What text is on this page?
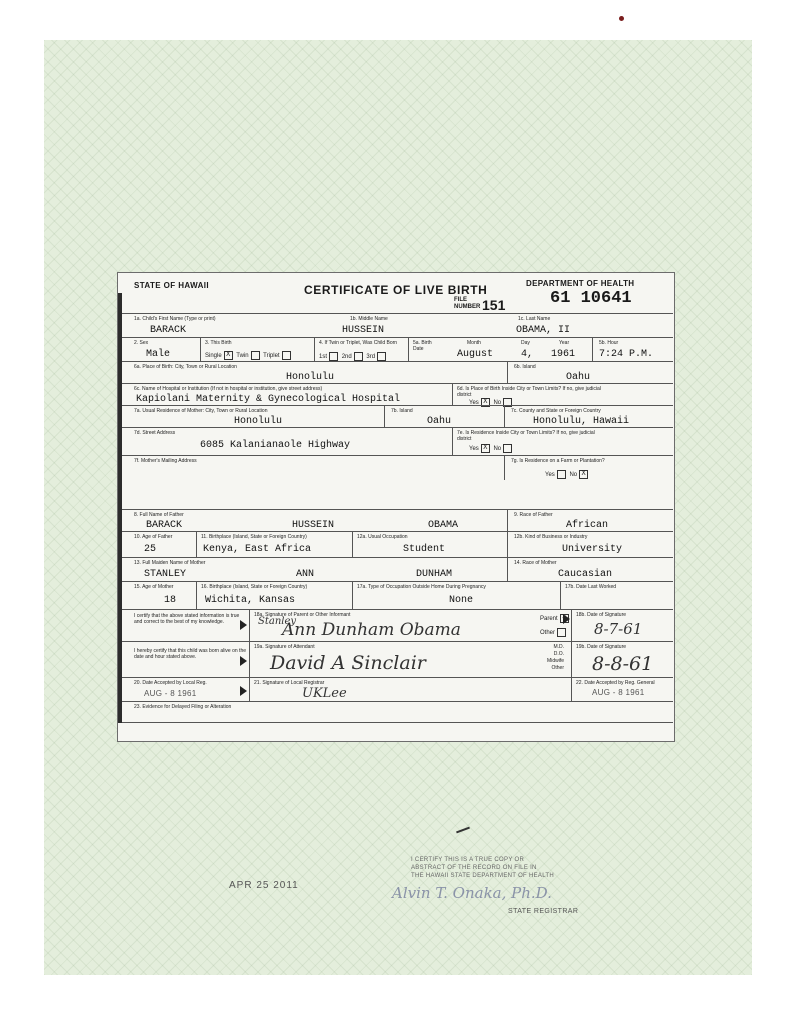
STATE OF HAWAII	CERTIFICATE OF LIVE BIRTH	DEPARTMENT OF HEALTH
FILE NUMBER 151	61 10641
1a. Child's First Name (Type or print)
BARACK
1b. Middle Name
HUSSEIN
1c. Last Name
OBAMA, II
2. Sex
Male
3. This Birth
Single X Twin Triplet
4. If Twin or Triplet, Was Child Born
1st 2nd 3rd
5a. Birth Date
Month
August
Day
4,
Year
1961
5b. Hour
7:24 P.M.
6a. Place of Birth: City, Town or Rural Location
Honolulu
6b. Island
Oahu
6c. Name of Hospital or Institution (If not in hospital or institution, give street address)
Kapiolani Maternity & Gynecological Hospital
6d. Is Place of Birth Inside City or Town Limits? If no, give judicial district
Yes X No
7a. Usual Residence of Mother: City, Town or Rural Location
Honolulu
7b. Island
Oahu
7c. County and State or Foreign Country
Honolulu, Hawaii
7d. Street Address
6085 Kalanianaole Highway
7e. Is Residence Inside City or Town Limits? If no, give judicial district
Yes X No
7f. Mother's Mailing Address	7g. Is Residence on a Farm or Plantation?
Yes No X
8. Full Name of Father
BARACK	HUSSEIN	OBAMA
9. Race of Father
African
10. Age of Father
25
11. Birthplace (Island, State or Foreign Country)
Kenya, East Africa
12a. Usual Occupation
Student
12b. Kind of Business or Industry
University
13. Full Maiden Name of Mother
STANLEY	ANN	DUNHAM
14. Race of Mother
Caucasian
15. Age of Mother
18
16. Birthplace (Island, State or Foreign Country)
Wichita, Kansas
17a. Type of Occupation Outside Home During Pregnancy
None
17b. Date Last Worked
I certify that the above stated information is true and correct to the best of my knowledge.
18a. Signature of Parent or Other Informant
Stanley
Ann Dunham Obama
Parent ✓
Other
18b. Date of Signature
8-7-61
I hereby certify that this child was born alive on the date and hour stated above.
19a. Signature of Attendant
David A Sinclair
M.D.
D.O.
Midwife
Other
19b. Date of Signature
8-8-61
20. Date Accepted by Local Reg.
AUG - 8 1961
21. Signature of Local Registrar
UKLee
22. Date Accepted by Reg. General
AUG - 8 1961
23. Evidence for Delayed Filing or Alteration
APR 25 2011
I CERTIFY THIS IS A TRUE COPY OR
ABSTRACT OF THE RECORD ON FILE IN
THE HAWAII STATE DEPARTMENT OF HEALTH
Alvin T. Onaka, Ph.D.
STATE REGISTRAR
